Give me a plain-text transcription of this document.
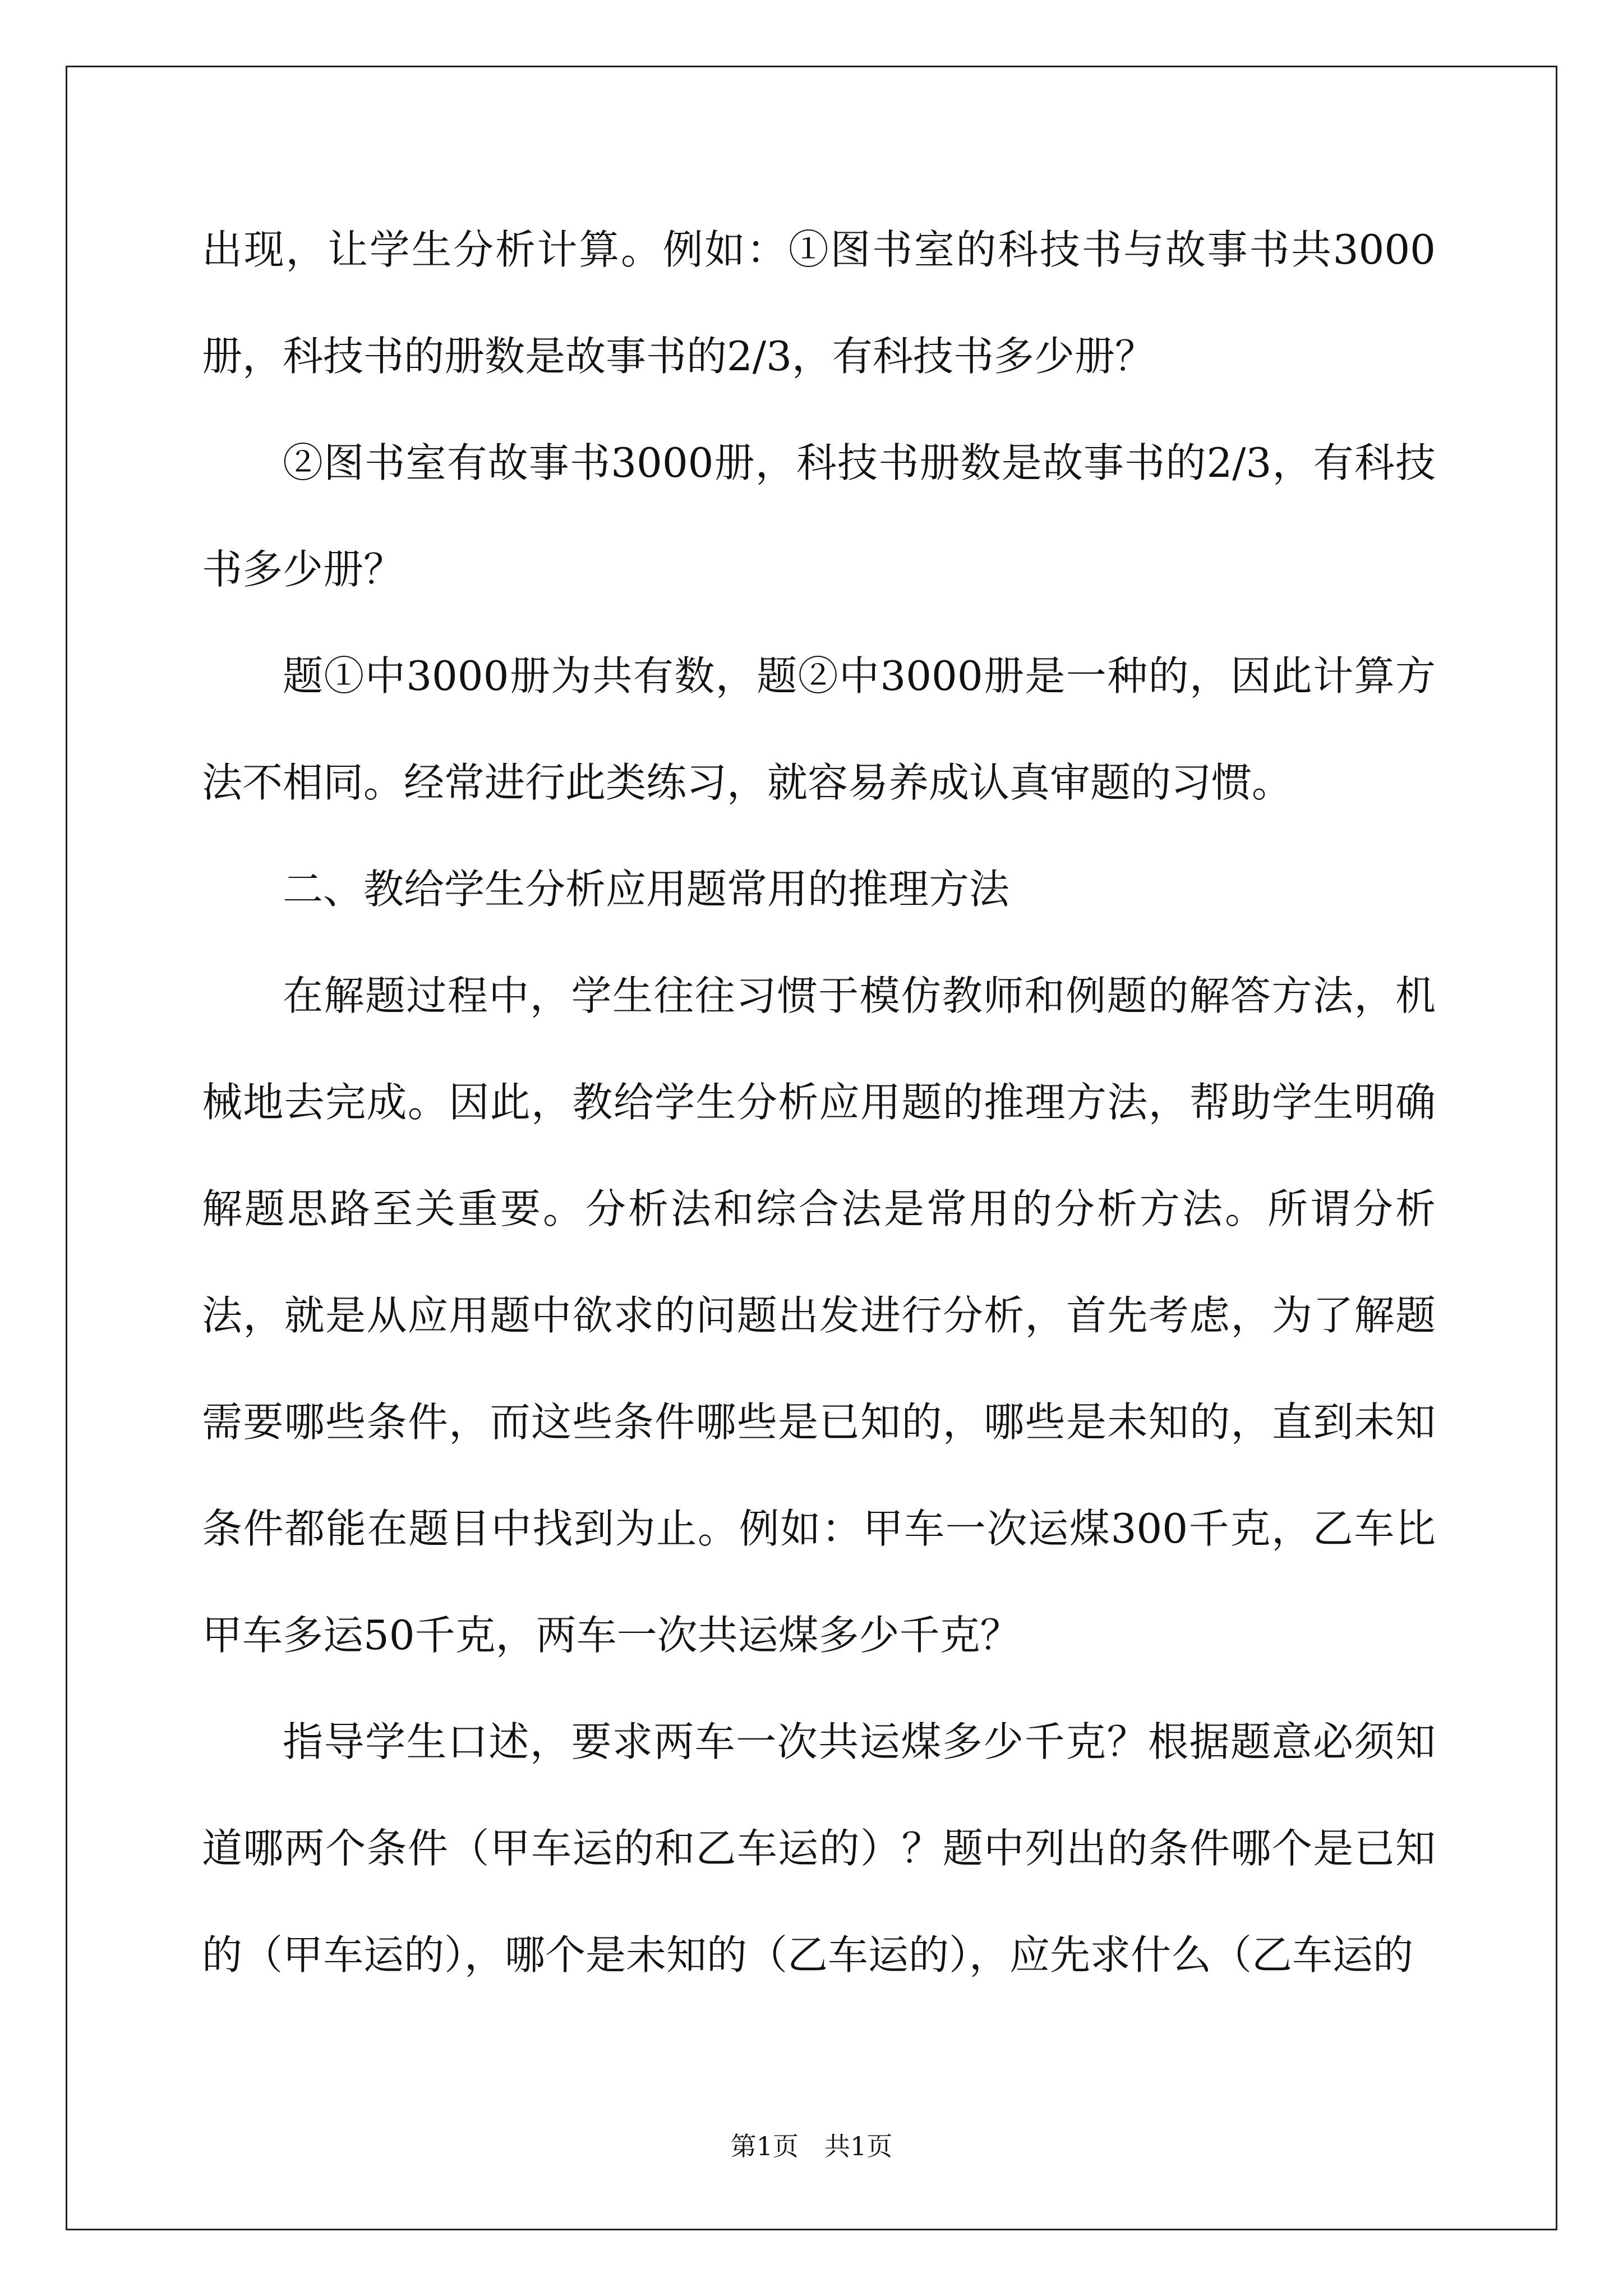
出现，让学生分析计算。例如：①图书室的科技书与故事书共3000册，科技书的册数是故事书的2/3，有科技书多少册？

②图书室有故事书3000册，科技书册数是故事书的2/3，有科技书多少册？

题①中3000册为共有数，题②中3000册是一种的，因此计算方法不相同。经常进行此类练习，就容易养成认真审题的习惯。

二、教给学生分析应用题常用的推理方法

在解题过程中，学生往往习惯于模仿教师和例题的解答方法，机械地去完成。因此，教给学生分析应用题的推理方法，帮助学生明确解题思路至关重要。分析法和综合法是常用的分析方法。所谓分析法，就是从应用题中欲求的问题出发进行分析，首先考虑，为了解题需要哪些条件，而这些条件哪些是已知的，哪些是未知的，直到未知条件都能在题目中找到为止。例如：甲车一次运煤300千克，乙车比甲车多运50千克，两车一次共运煤多少千克？

指导学生口述，要求两车一次共运煤多少千克？根据题意必须知道哪两个条件（甲车运的和乙车运的）？题中列出的条件哪个是已知的（甲车运的），哪个是未知的（乙车运的），应先求什么（乙车运的

第1页　共1页
